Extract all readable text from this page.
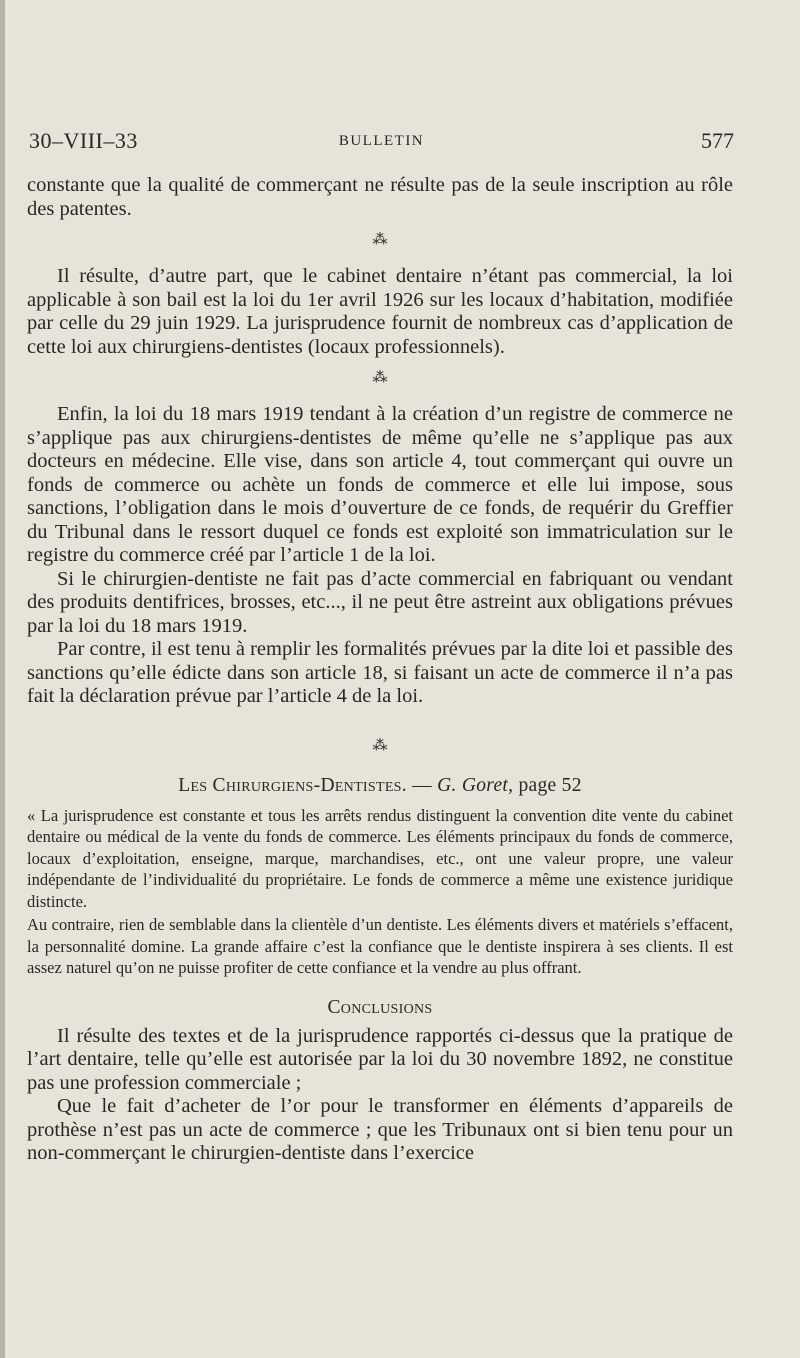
30–VIII–33	BULLETIN	577

constante que la qualité de commerçant ne résulte pas de la seule inscription au rôle des patentes.

⁂

Il résulte, d’autre part, que le cabinet dentaire n’étant pas commercial, la loi applicable à son bail est la loi du 1er avril 1926 sur les locaux d’habitation, modifiée par celle du 29 juin 1929. La jurisprudence fournit de nombreux cas d’application de cette loi aux chirurgiens-dentistes (locaux professionnels).

⁂

Enfin, la loi du 18 mars 1919 tendant à la création d’un registre de commerce ne s’applique pas aux chirurgiens-dentistes de même qu’elle ne s’applique pas aux docteurs en médecine. Elle vise, dans son article 4, tout commerçant qui ouvre un fonds de commerce ou achète un fonds de commerce et elle lui impose, sous sanctions, l’obligation dans le mois d’ouverture de ce fonds, de requérir du Greffier du Tribunal dans le ressort duquel ce fonds est exploité son immatriculation sur le registre du commerce créé par l’article 1 de la loi.

Si le chirurgien-dentiste ne fait pas d’acte commercial en fabriquant ou vendant des produits dentifrices, brosses, etc..., il ne peut être astreint aux obligations prévues par la loi du 18 mars 1919.

Par contre, il est tenu à remplir les formalités prévues par la dite loi et passible des sanctions qu’elle édicte dans son article 18, si faisant un acte de commerce il n’a pas fait la déclaration prévue par l’article 4 de la loi.

⁂
Les Chirurgiens-Dentistes. — G. Goret, page 52

« La jurisprudence est constante et tous les arrêts rendus distinguent la convention dite vente du cabinet dentaire ou médical de la vente du fonds de commerce. Les éléments principaux du fonds de commerce, locaux d’exploitation, enseigne, marque, marchandises, etc., ont une valeur propre, une valeur indépendante de l’individualité du propriétaire. Le fonds de commerce a même une existence juridique distincte.

Au contraire, rien de semblable dans la clientèle d’un dentiste. Les éléments divers et matériels s’effacent, la personnalité domine. La grande affaire c’est la confiance que le dentiste inspirera à ses clients. Il est assez naturel qu’on ne puisse profiter de cette confiance et la vendre au plus offrant.

Conclusions

Il résulte des textes et de la jurisprudence rapportés ci-dessus que la pratique de l’art dentaire, telle qu’elle est autorisée par la loi du 30 novembre 1892, ne constitue pas une profession commerciale ;

Que le fait d’acheter de l’or pour le transformer en éléments d’appareils de prothèse n’est pas un acte de commerce ; que les Tribunaux ont si bien tenu pour un non-commerçant le chirurgien-dentiste dans l’exercice
